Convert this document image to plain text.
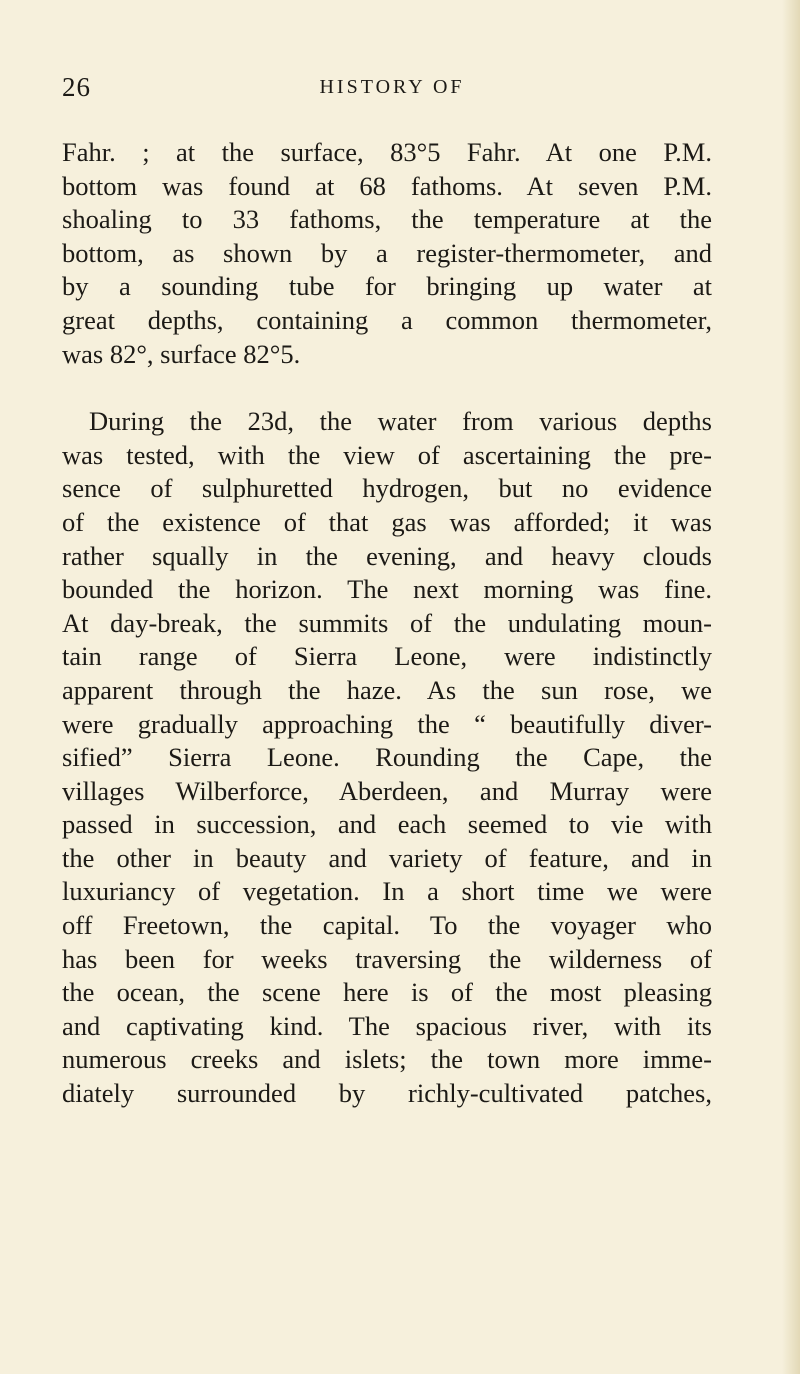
26	HISTORY OF
Fahr. ; at the surface, 83°5 Fahr. At one P.M.
bottom was found at 68 fathoms. At seven P.M.
shoaling to 33 fathoms, the temperature at the
bottom, as shown by a register-thermometer, and
by a sounding tube for bringing up water at
great depths, containing a common thermometer,
was 82°, surface 82°5.
During the 23d, the water from various depths
was tested, with the view of ascertaining the pre-
sence of sulphuretted hydrogen, but no evidence
of the existence of that gas was afforded; it was
rather squally in the evening, and heavy clouds
bounded the horizon. The next morning was fine.
At day-break, the summits of the undulating moun-
tain range of Sierra Leone, were indistinctly
apparent through the haze. As the sun rose, we
were gradually approaching the “ beautifully diver-
sified” Sierra Leone. Rounding the Cape, the
villages Wilberforce, Aberdeen, and Murray were
passed in succession, and each seemed to vie with
the other in beauty and variety of feature, and in
luxuriancy of vegetation. In a short time we were
off Freetown, the capital. To the voyager who
has been for weeks traversing the wilderness of
the ocean, the scene here is of the most pleasing
and captivating kind. The spacious river, with its
numerous creeks and islets; the town more imme-
diately surrounded by richly-cultivated patches,
